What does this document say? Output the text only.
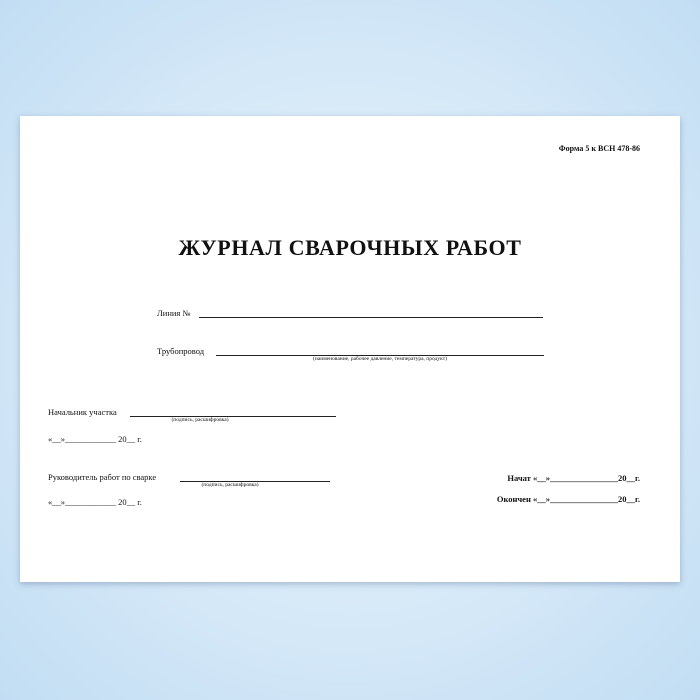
Форма 5 к ВСН 478-86
ЖУРНАЛ СВАРОЧНЫХ РАБОТ
Линия №
Трубопровод
(наименование, рабочее давление, температура, продукт)
Начальник участка
(подпись, расшифровка)
«__»____________ 20__ г.
Руководитель работ по сварке
(подпись, расшифровка)
«__»____________ 20__ г.
Начат «__»________________20__г.
Окончен «__»________________20__г.
